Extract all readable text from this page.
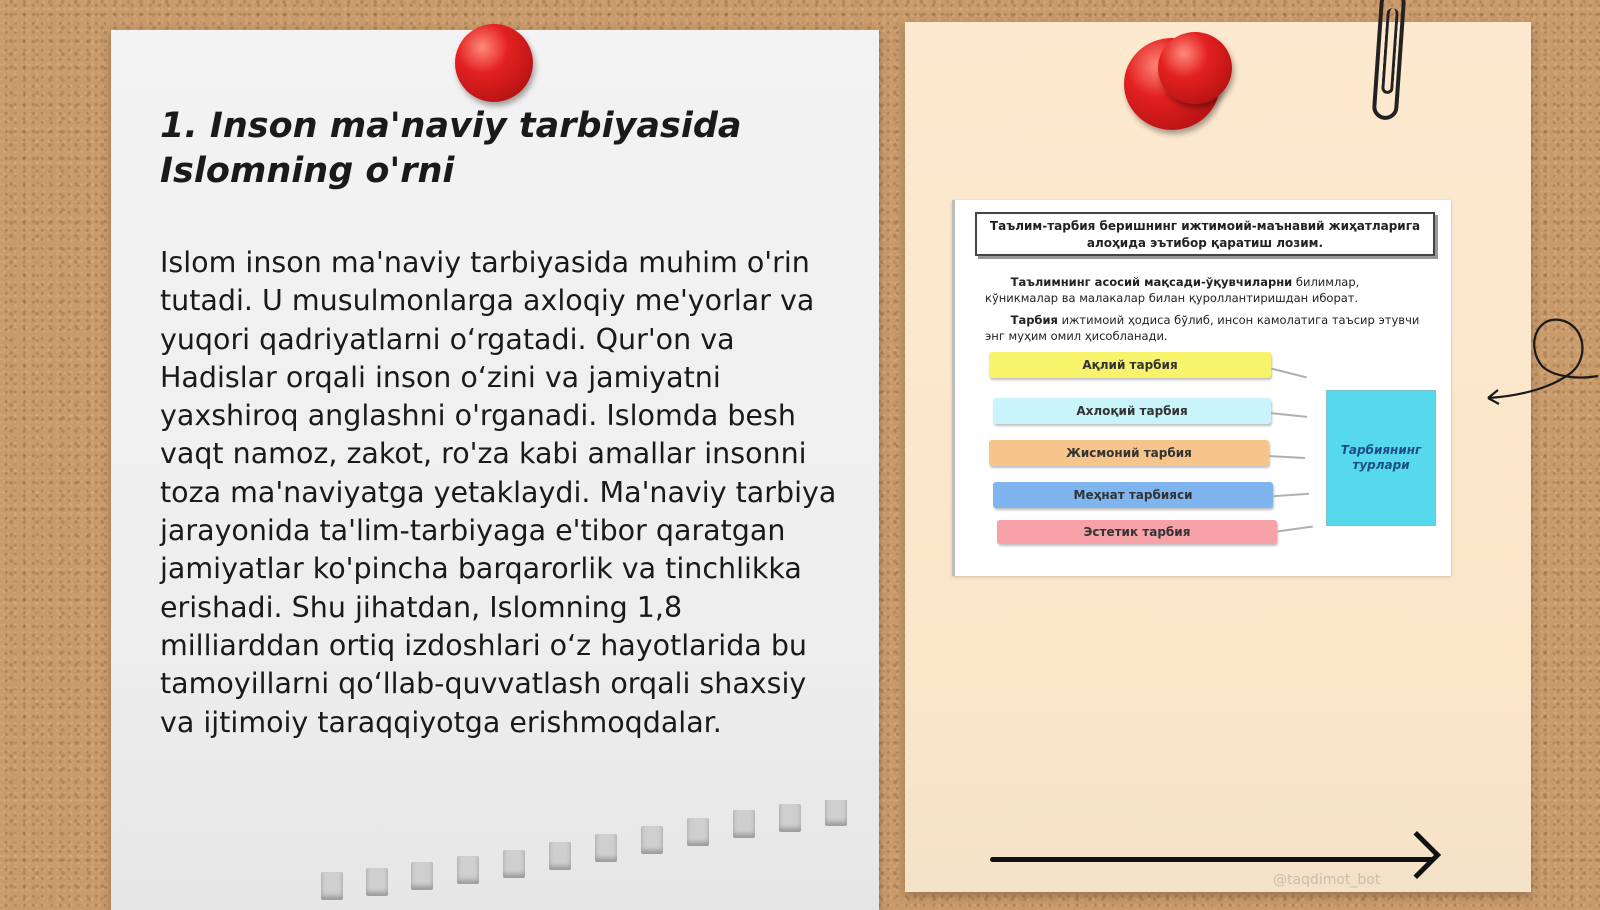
1. Inson ma'naviy tarbiyasida Islomning o'rni

Islom inson ma'naviy tarbiyasida muhim o'rin tutadi. U musulmonlarga axloqiy me'yorlar va yuqori qadriyatlarni o‘rgatadi. Qur'on va Hadislar orqali inson o‘zini va jamiyatni yaxshiroq anglashni o'rganadi. Islomda besh vaqt namoz, zakot, ro'za kabi amallar insonni toza ma'naviyatga yetaklaydi. Ma'naviy tarbiya jarayonida ta'lim-tarbiyaga e'tibor qaratgan jamiyatlar ko'pincha barqarorlik va tinchlikka erishadi. Shu jihatdan, Islomning 1,8 milliarddan ortiq izdoshlari o‘z hayotlarida bu tamoyillarni qo‘llab-quvvatlash orqali shaxsiy va ijtimoiy taraqqiyotga erishmoqdalar.

Таълим-тарбия беришнинг ижтимоий-маънавий жиҳатларига алоҳида эътибор қаратиш лозим.
Таълимнинг асосий мақсади-ўқувчиларни билимлар, кўникмалар ва малакалар билан қуроллантиришдан иборат.
Тарбия ижтимоий ҳодиса бўлиб, инсон камолатига таъсир этувчи энг муҳим омил ҳисобланади.
Ақлий тарбия
Ахлоқий тарбия
Жисмоний тарбия
Меҳнат тарбияси
Эстетик тарбия
Тарбиянинг турлари
@taqdimot_bot
